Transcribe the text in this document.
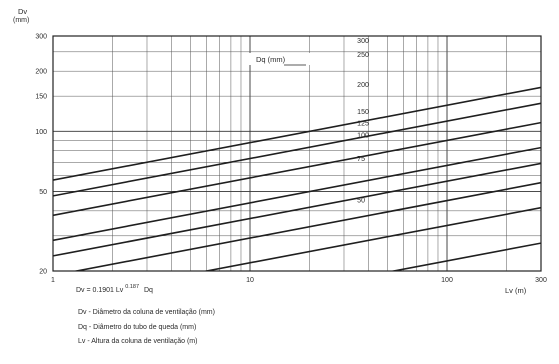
1	10	100	300
20
50
100
150
200
300
300
250
200
150
125
100
75
50
Dv
(mm)
Lv (m)
Dq (mm)
Dv = 0.1901 Lv $^{0.187}$ Dq
Dv - Diâmetro da coluna de ventilação (mm)
Dq - Diâmetro do tubo de queda (mm)
Lv - Altura da coluna de ventilação (m)
